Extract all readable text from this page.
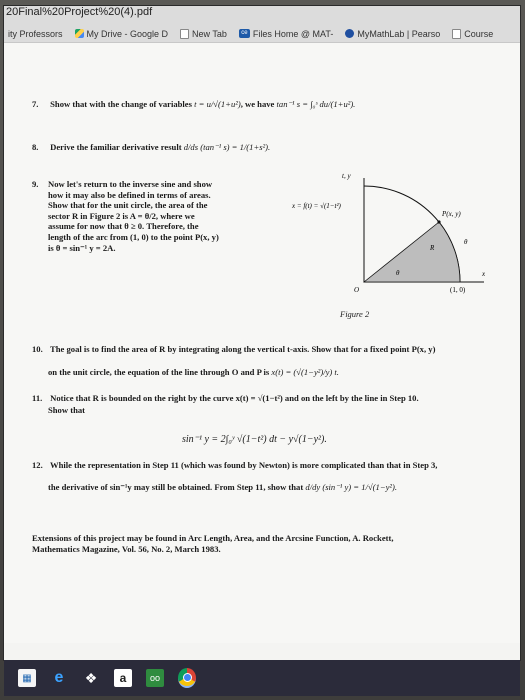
20Final%20Project%20(4).pdf
ity Professors	My Drive - Google D	New Tab	ce Files Home @ MAT-	MyMathLab | Pearso	Course
7. Show that with the change of variables t = u/√(1+u²), we have tan⁻¹ s = ∫₀ˢ du/(1+u²).
8. Derive the familiar derivative result d/ds (tan⁻¹ s) = 1/(1+s²).
9.	Now let's return to the inverse sine and show
how it may also be defined in terms of areas.
Show that for the unit circle, the area of the
sector R in Figure 2 is A = θ/2, where we
assume for now that θ ≥ 0. Therefore, the
length of the arc from (1, 0) to the point P(x, y)
is θ = sin⁻¹ y = 2A.
t, y
x = f(t) = √(1−t²)
P(x, y)
R
θ
θ
O
x
(1, 0)
Figure 2
10. The goal is to find the area of R by integrating along the vertical t-axis. Show that for a fixed point P(x, y)
on the unit circle, the equation of the line through O and P is x(t) = (√(1−y²)/y) t.
11. Notice that R is bounded on the right by the curve x(t) = √(1−t²) and on the left by the line in Step 10.
Show that
sin⁻¹ y = 2∫₀ʸ √(1−t²) dt − y√(1−y²).
12. While the representation in Step 11 (which was found by Newton) is more complicated than that in Step 3,
the derivative of sin⁻¹y may still be obtained. From Step 11, show that d/dy (sin⁻¹ y) = 1/√(1−y²).
Extensions of this project may be found in Arc Length, Area, and the Arcsine Function, A. Rockett,
Mathematics Magazine, Vol. 56, No. 2, March 1983.
▦ e	❖	a	oo
